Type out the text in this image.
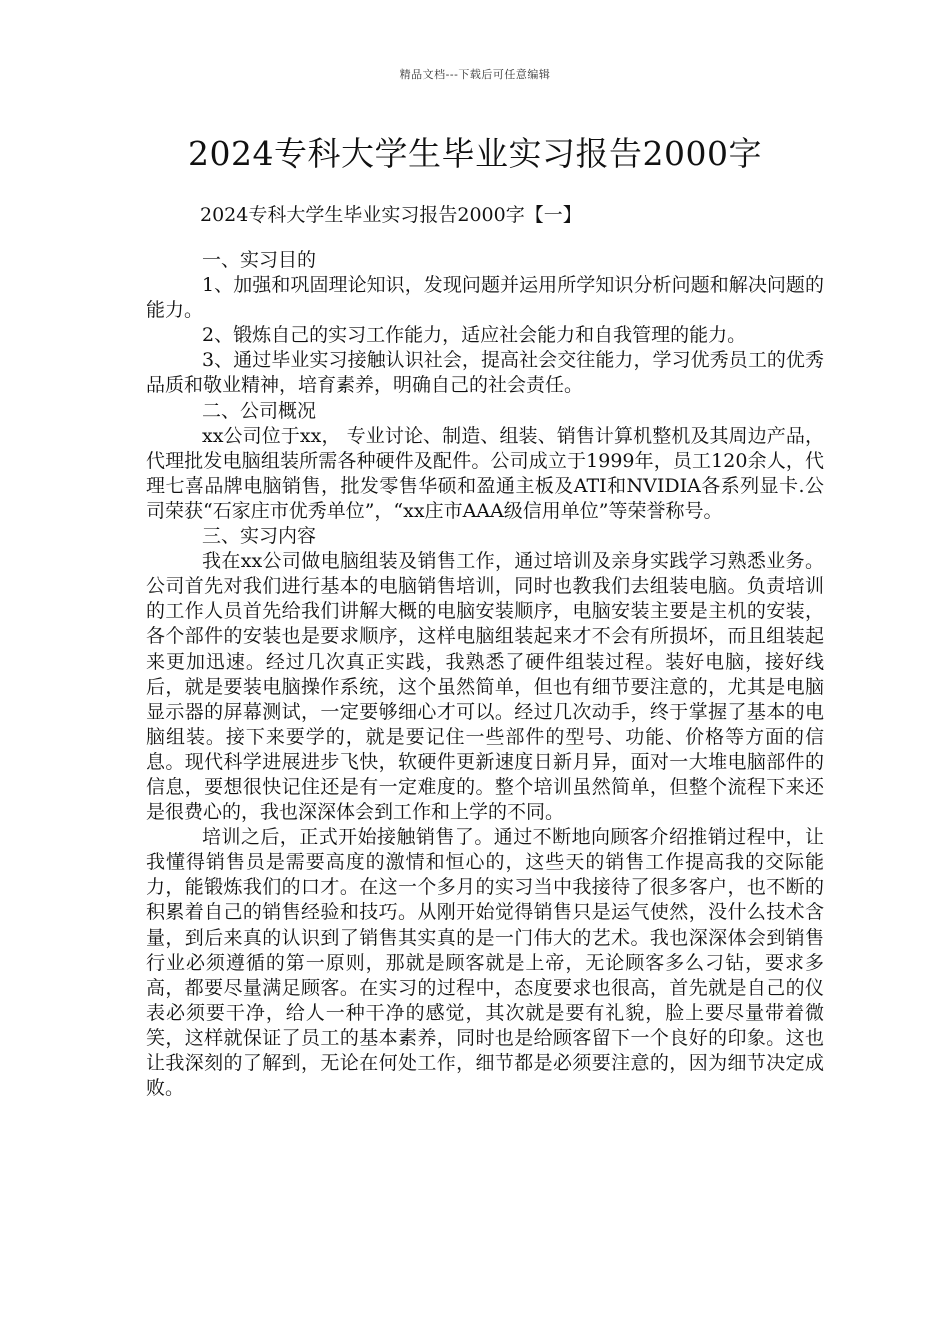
精品文档---下载后可任意编辑
2024专科大学生毕业实习报告2000字
2024专科大学生毕业实习报告2000字【一】

一、实习目的

1、加强和巩固理论知识，发现问题并运用所学知识分析问题和解决问题的能力。

2、锻炼自己的实习工作能力，适应社会能力和自我管理的能力。

3、通过毕业实习接触认识社会，提高社会交往能力，学习优秀员工的优秀品质和敬业精神，培育素养，明确自己的社会责任。

二、公司概况

xx公司位于xx， 专业讨论、制造、组装、销售计算机整机及其周边产品，代理批发电脑组装所需各种硬件及配件。公司成立于1999年，员工120余人，代理七喜品牌电脑销售，批发零售华硕和盈通主板及ATI和NVIDIA各系列显卡.公司荣获“石家庄市优秀单位”，“xx庄市AAA级信用单位”等荣誉称号。

三、实习内容

我在xx公司做电脑组装及销售工作，通过培训及亲身实践学习熟悉业务。公司首先对我们进行基本的电脑销售培训，同时也教我们去组装电脑。负责培训的工作人员首先给我们讲解大概的电脑安装顺序，电脑安装主要是主机的安装，各个部件的安装也是要求顺序，这样电脑组装起来才不会有所损坏，而且组装起来更加迅速。经过几次真正实践，我熟悉了硬件组装过程。装好电脑，接好线后，就是要装电脑操作系统，这个虽然简单，但也有细节要注意的，尤其是电脑显示器的屏幕测试，一定要够细心才可以。经过几次动手，终于掌握了基本的电脑组装。接下来要学的，就是要记住一些部件的型号、功能、价格等方面的信息。现代科学进展进步飞快，软硬件更新速度日新月异，面对一大堆电脑部件的信息，要想很快记住还是有一定难度的。整个培训虽然简单，但整个流程下来还是很费心的，我也深深体会到工作和上学的不同。

培训之后，正式开始接触销售了。通过不断地向顾客介绍推销过程中，让我懂得销售员是需要高度的激情和恒心的，这些天的销售工作提高我的交际能力，能锻炼我们的口才。在这一个多月的实习当中我接待了很多客户，也不断的积累着自己的销售经验和技巧。从刚开始觉得销售只是运气使然，没什么技术含量，到后来真的认识到了销售其实真的是一门伟大的艺术。我也深深体会到销售行业必须遵循的第一原则，那就是顾客就是上帝，无论顾客多么刁钻，要求多高，都要尽量满足顾客。在实习的过程中，态度要求也很高，首先就是自己的仪表必须要干净，给人一种干净的感觉，其次就是要有礼貌，脸上要尽量带着微笑，这样就保证了员工的基本素养，同时也是给顾客留下一个良好的印象。这也让我深刻的了解到，无论在何处工作，细节都是必须要注意的，因为细节决定成败。
